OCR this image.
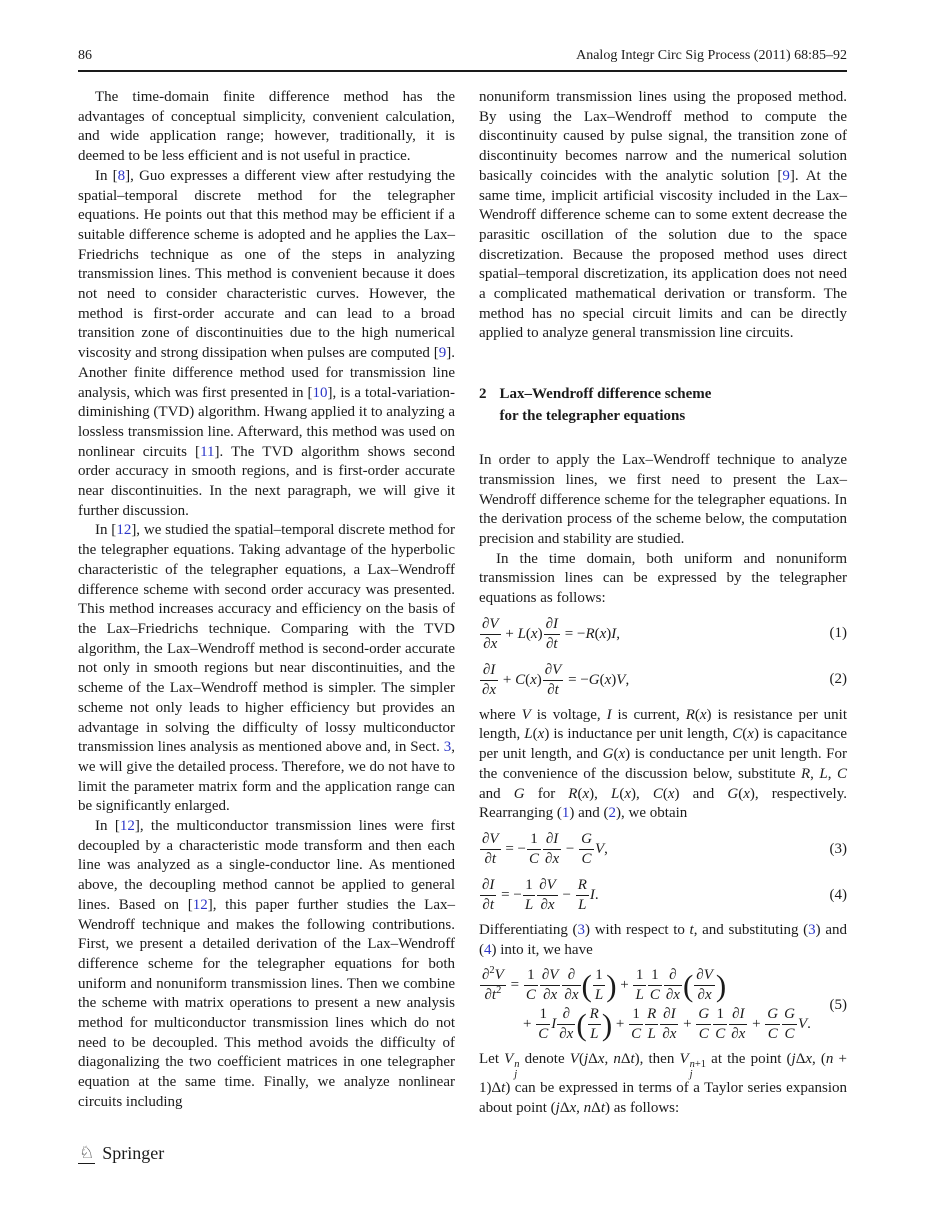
86	Analog Integr Circ Sig Process (2011) 68:85–92

The time-domain finite difference method has the advantages of conceptual simplicity, convenient calculation, and wide application range; however, traditionally, it is deemed to be less efficient and is not useful in practice.

In [8], Guo expresses a different view after restudying the spatial–temporal discrete method for the telegrapher equations. He points out that this method may be efficient if a suitable difference scheme is adopted and he applies the Lax–Friedrichs technique as one of the steps in analyzing transmission lines. This method is convenient because it does not need to consider characteristic curves. However, the method is first-order accurate and can lead to a broad transition zone of discontinuities due to the high numerical viscosity and strong dissipation when pulses are computed [9]. Another finite difference method used for transmission line analysis, which was first presented in [10], is a total-variation-diminishing (TVD) algorithm. Hwang applied it to analyzing a lossless transmission line. Afterward, this method was used on nonlinear circuits [11]. The TVD algorithm shows second order accuracy in smooth regions, and is first-order accurate near discontinuities. In the next paragraph, we will give it further discussion.

In [12], we studied the spatial–temporal discrete method for the telegrapher equations. Taking advantage of the hyperbolic characteristic of the telegrapher equations, a Lax–Wendroff difference scheme with second order accuracy was presented. This method increases accuracy and efficiency on the basis of the Lax–Friedrichs technique. Comparing with the TVD algorithm, the Lax–Wendroff method is second-order accurate not only in smooth regions but near discontinuities, and the scheme of the Lax–Wendroff method is simpler. The simpler scheme not only leads to higher efficiency but provides an advantage in solving the difficulty of lossy multiconductor transmission lines analysis as mentioned above and, in Sect. 3, we will give the detailed process. Therefore, we do not have to limit the parameter matrix form and the application range can be significantly enlarged.

In [12], the multiconductor transmission lines were first decoupled by a characteristic mode transform and then each line was analyzed as a single-conductor line. As mentioned above, the decoupling method cannot be applied to general lines. Based on [12], this paper further studies the Lax–Wendroff technique and makes the following contributions. First, we present a detailed derivation of the Lax–Wendroff difference scheme for the telegrapher equations for both uniform and nonuniform transmission lines. Then we combine the scheme with matrix operations to present a new analysis method for multiconductor transmission lines which do not need to be decoupled. This method avoids the difficulty of diagonalizing the two coefficient matrices in one telegrapher equation at the same time. Finally, we analyze nonlinear circuits including

nonuniform transmission lines using the proposed method. By using the Lax–Wendroff method to compute the discontinuity caused by pulse signal, the transition zone of discontinuity becomes narrow and the numerical solution basically coincides with the analytic solution [9]. At the same time, implicit artificial viscosity included in the Lax–Wendroff difference scheme can to some extent decrease the parasitic oscillation of the solution due to the space discretization. Because the proposed method uses direct spatial–temporal discretization, its application does not need a complicated mathematical derivation or transform. The method has no special circuit limits and can be directly applied to analyze general transmission line circuits.

2 Lax–Wendroff difference scheme
for the telegrapher equations

In order to apply the Lax–Wendroff technique to analyze transmission lines, we first need to present the Lax–Wendroff difference scheme for the telegrapher equations. In the derivation process of the scheme below, the computation precision and stability are studied.

In the time domain, both uniform and nonuniform transmission lines can be expressed by the telegrapher equations as follows:

$\frac{\partial V}{\partial x} + L(x) \frac{\partial I}{\partial t} = -R(x)I$,	(1)
$\frac{\partial I}{\partial x} + C(x) \frac{\partial V}{\partial t} = -G(x)V$,	(2)

where V is voltage, I is current, R(x) is resistance per unit length, L(x) is inductance per unit length, C(x) is capacitance per unit length, and G(x) is conductance per unit length. For the convenience of the discussion below, substitute R, L, C and G for R(x), L(x), C(x) and G(x), respectively. Rearranging (1) and (2), we obtain

$\frac{\partial V}{\partial t}$ = − $\frac{1}{C} \frac{\partial I}{\partial x} - \frac{G}{C} V$,	(3)
$\frac{\partial I}{\partial t}$ = − $\frac{1}{L} \frac{\partial V}{\partial x} - \frac{R}{L} I$.	(4)

Differentiating (3) with respect to t, and substituting (3) and (4) into it, we have

$\frac{\partial^2V}{\partial t^2} = \frac{1}{C} \frac{\partial V}{\partial x}$ ∂
∂x ( 1
L ) + $\frac{1}{L} \frac{1}{C}$ ∂
∂x ( ∂V
∂x )
+ $\frac{1}{C}$ I
∂
∂x ( R
L ) + $\frac{1}{C} \frac{R}{L} \frac{\partial I}{\partial x} + \frac{G}{C} \frac{1}{C} \frac{\partial I}{\partial x} + \frac{G}{C} \frac{G}{C} V$.
(5)

Let V n
j
denote V(jΔx, nΔt), then V n+1
j
at the point (jΔx, (n + 1)Δt) can be expressed in terms of a Taylor series expansion about point (jΔx, nΔt) as follows:

♘ Springer
